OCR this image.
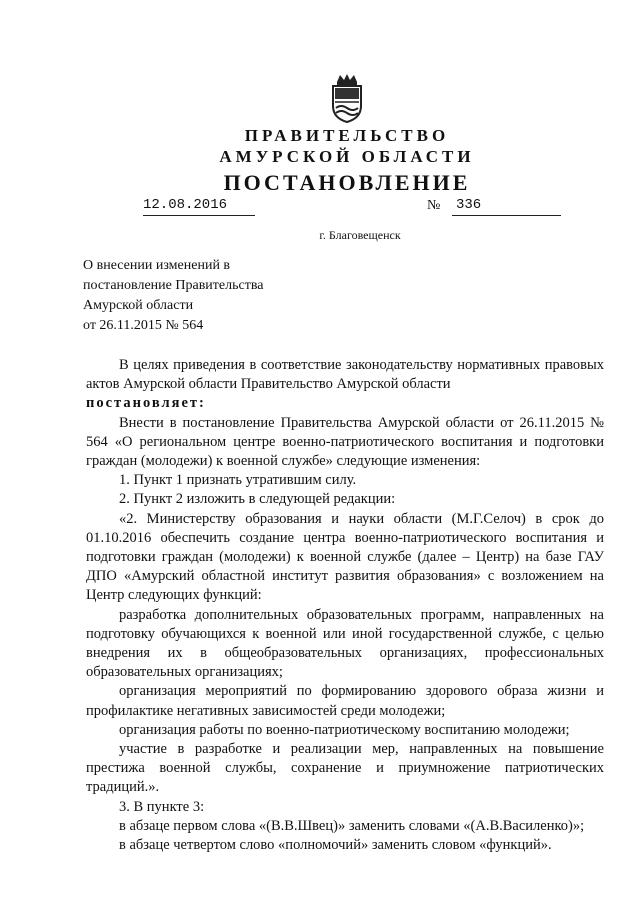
ПРАВИТЕЛЬСТВО
АМУРСКОЙ ОБЛАСТИ
ПОСТАНОВЛЕНИЕ
12.08.2016	№ 336
г. Благовещенск
О внесении изменений в
постановление Правительства
Амурской области
от 26.11.2015 № 564

В целях приведения в соответствие законодательству нормативных правовых актов Амурской области Правительство Амурской области

постановляет:

Внести в постановление Правительства Амурской области от 26.11.2015 № 564 «О региональном центре военно-патриотического воспитания и подготовки граждан (молодежи) к военной службе» следующие изменения:

1. Пункт 1 признать утратившим силу.

2. Пункт 2 изложить в следующей редакции:

«2. Министерству образования и науки области (М.Г.Селоч) в срок до 01.10.2016 обеспечить создание центра военно-патриотического воспитания и подготовки граждан (молодежи) к военной службе (далее – Центр) на базе ГАУ ДПО «Амурский областной институт развития образования» с возложением на Центр следующих функций:

разработка дополнительных образовательных программ, направленных на подготовку обучающихся к военной или иной государственной службе, с целью внедрения их в общеобразовательных организациях, профессиональных образовательных организациях;

организация мероприятий по формированию здорового образа жизни и профилактике негативных зависимостей среди молодежи;

организация работы по военно-патриотическому воспитанию молодежи;

участие в разработке и реализации мер, направленных на повышение престижа военной службы, сохранение и приумножение патриотических традиций.».

3. В пункте 3:

в абзаце первом слова «(В.В.Швец)» заменить словами «(А.В.Василенко)»;

в абзаце четвертом слово «полномочий» заменить словом «функций».
